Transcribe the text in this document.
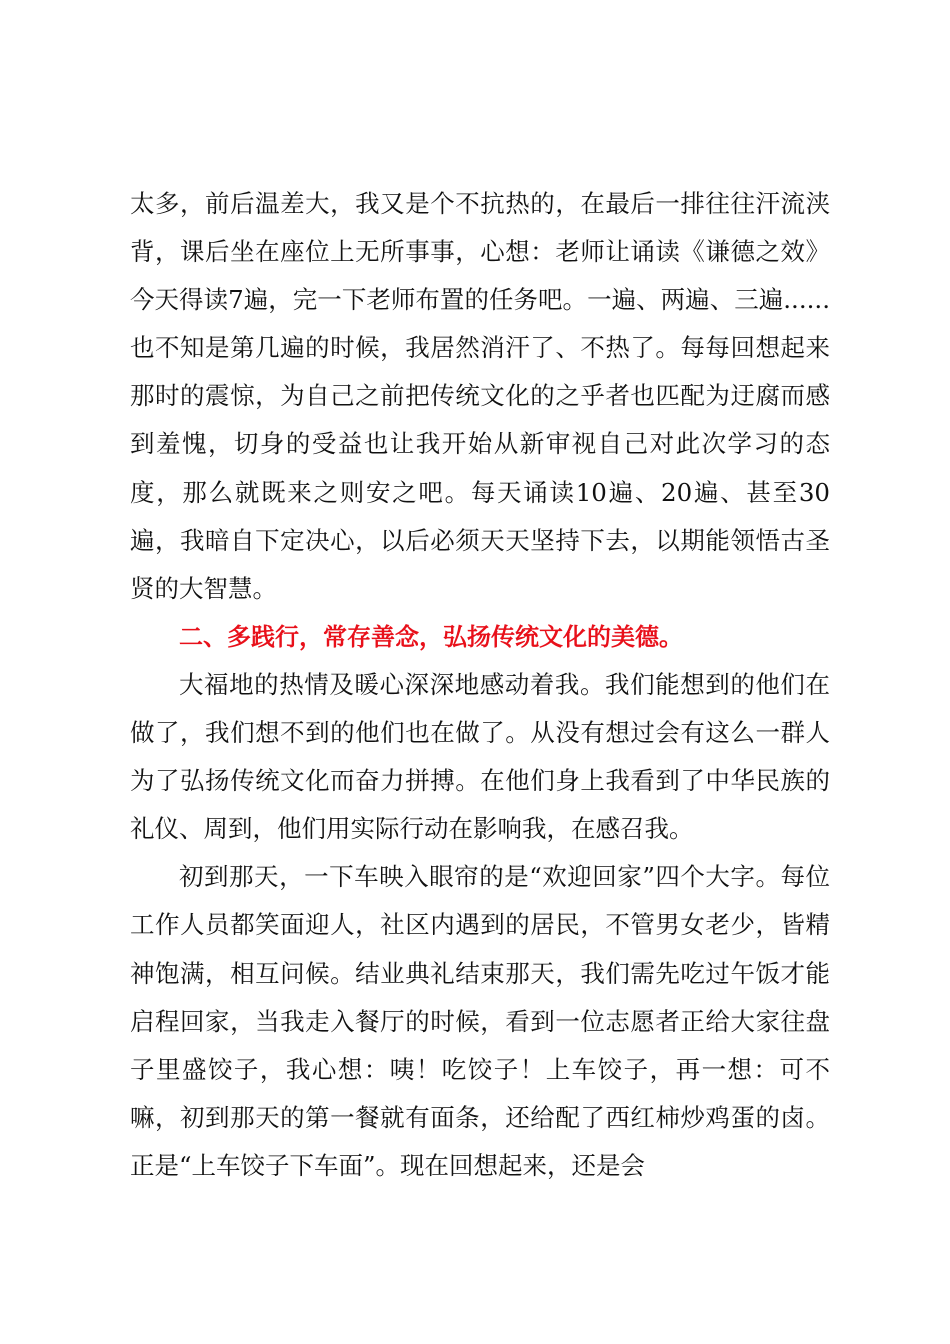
太多，前后温差大，我又是个不抗热的，在最后一排往往汗流浃背，课后坐在座位上无所事事，心想：老师让诵读《谦德之效》今天得读7遍，完一下老师布置的任务吧。一遍、两遍、三遍......也不知是第几遍的时候，我居然消汗了、不热了。每每回想起来那时的震惊，为自己之前把传统文化的之乎者也匹配为迂腐而感到羞愧，切身的受益也让我开始从新审视自己对此次学习的态度，那么就既来之则安之吧。每天诵读10遍、20遍、甚至30遍，我暗自下定决心，以后必须天天坚持下去，以期能领悟古圣贤的大智慧。

二、多践行，常存善念，弘扬传统文化的美德。

大福地的热情及暖心深深地感动着我。我们能想到的他们在做了，我们想不到的他们也在做了。从没有想过会有这么一群人为了弘扬传统文化而奋力拼搏。在他们身上我看到了中华民族的礼仪、周到，他们用实际行动在影响我，在感召我。

初到那天，一下车映入眼帘的是“欢迎回家”四个大字。每位工作人员都笑面迎人，社区内遇到的居民，不管男女老少，皆精神饱满，相互问候。结业典礼结束那天，我们需先吃过午饭才能启程回家，当我走入餐厅的时候，看到一位志愿者正给大家往盘子里盛饺子，我心想：咦！吃饺子！上车饺子，再一想：可不嘛，初到那天的第一餐就有面条，还给配了西红柿炒鸡蛋的卤。正是“上车饺子下车面”。现在回想起来，还是会
